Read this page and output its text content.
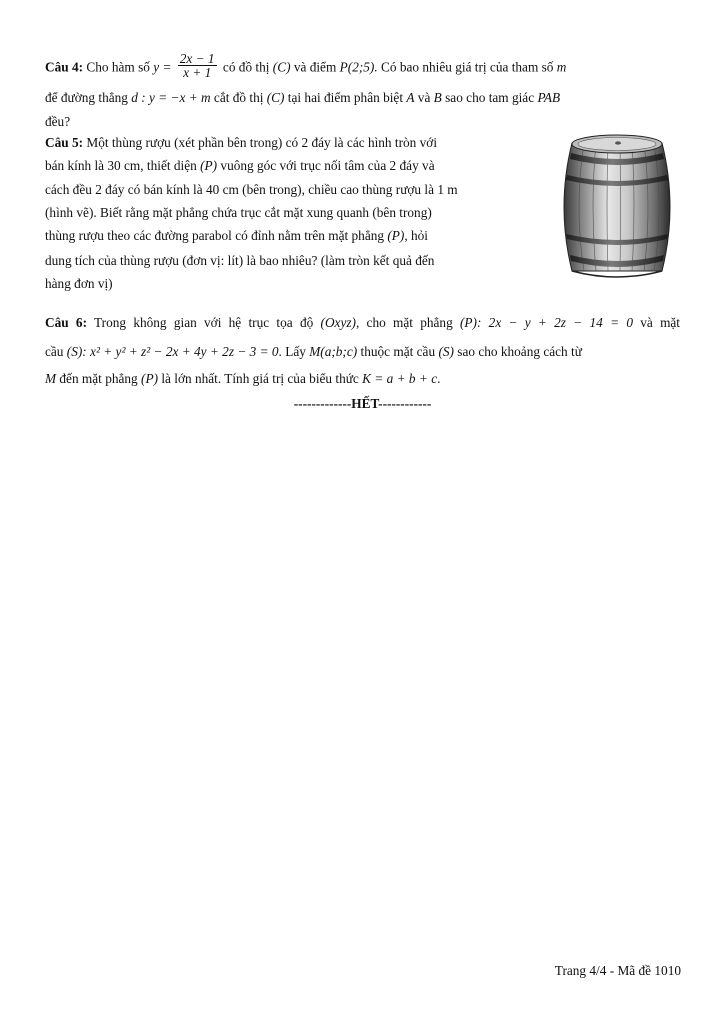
Câu 4: Cho hàm số $y = \frac{2x - 1}{x + 1}$ có đồ thị (C) và điểm P(2;5). Có bao nhiêu giá trị của tham số m
để đường thẳng d : y = −x + m cắt đồ thị (C) tại hai điểm phân biệt A và B sao cho tam giác PAB
đều?
Câu 5: Một thùng rượu (xét phần bên trong) có 2 đáy là các hình tròn với
bán kính là 30 cm, thiết diện (P) vuông góc với trục nối tâm của 2 đáy và
cách đều 2 đáy có bán kính là 40 cm (bên trong), chiều cao thùng rượu là 1 m
(hình vẽ). Biết rằng mặt phẳng chứa trục cắt mặt xung quanh (bên trong)
thùng rượu theo các đường parabol có đỉnh nằm trên mặt phẳng (P), hỏi
dung tích của thùng rượu (đơn vị: lít) là bao nhiêu? (làm tròn kết quả đến
hàng đơn vị)
Câu 6: Trong không gian với hệ trục tọa độ (Oxyz), cho mặt phẳng (P): 2x − y + 2z − 14 = 0 và mặt
cầu (S): x² + y² + z² − 2x + 4y + 2z − 3 = 0. Lấy M(a;b;c) thuộc mặt cầu (S) sao cho khoảng cách từ
M đến mặt phẳng (P) là lớn nhất. Tính giá trị của biểu thức K = a + b + c.
-------------HẾT------------
Trang 4/4 - Mã đề 1010
